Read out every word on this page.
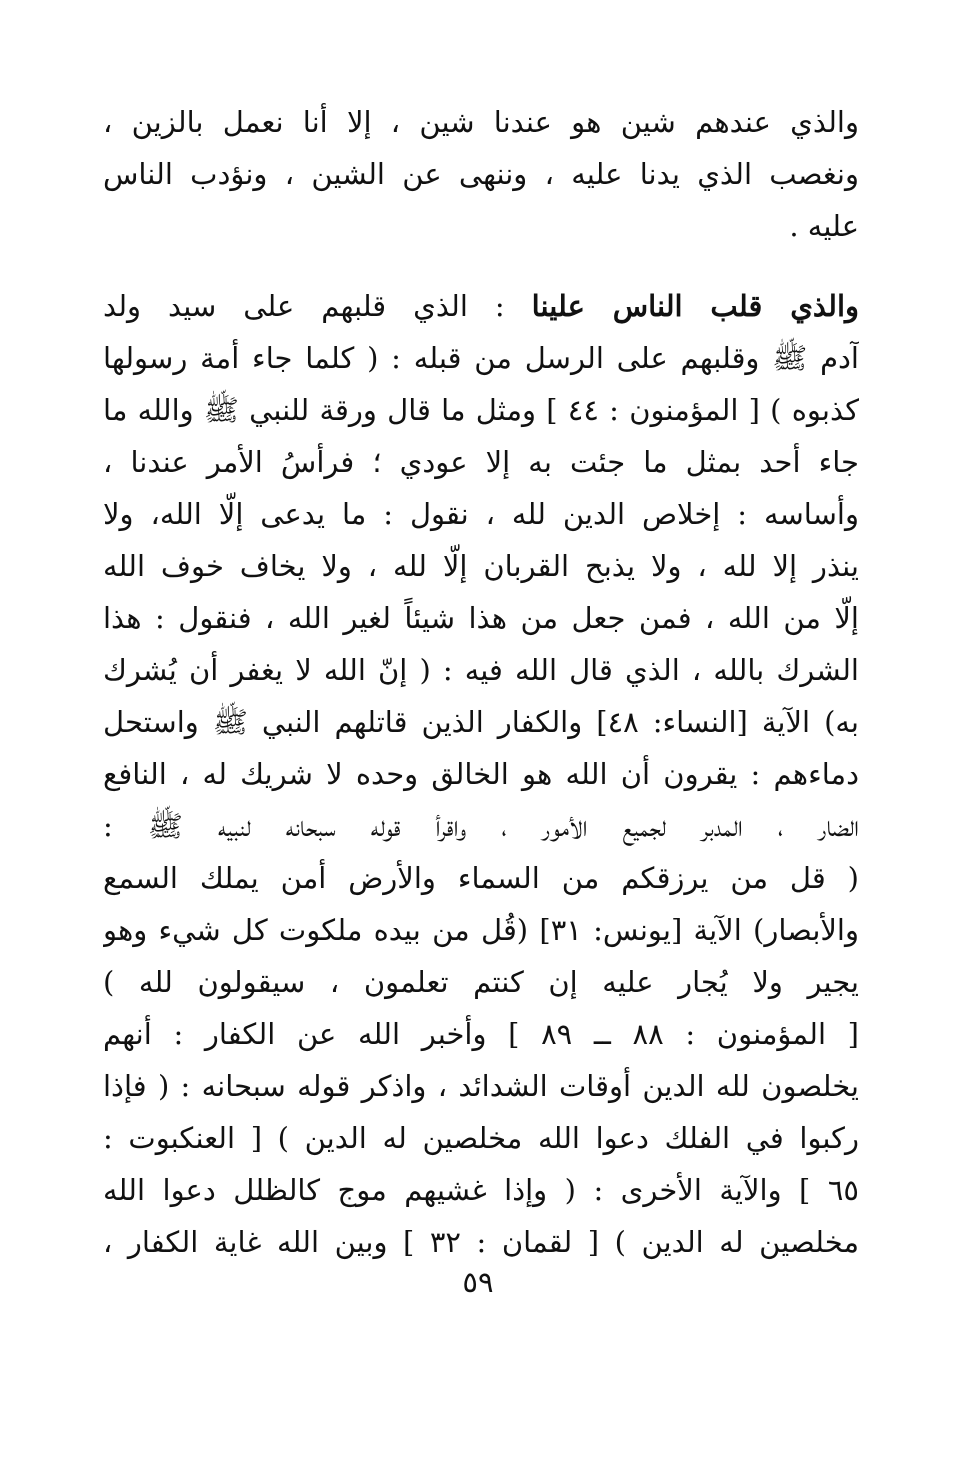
والذي عندهم شين هو عندنا شين ، إلا أنا نعمل بالزين ،
ونغصب الذي يدنا عليه ، وننهى عن الشين ، ونؤدب الناس
عليه .
والذي قلب الناس علينا : الذي قلبهم على سيد ولد
آدم ﷺ وقلبهم على الرسل من قبله : ( كلما جاء أمة رسولها
كذبوه ) [ المؤمنون : ٤٤ ] ومثل ما قال ورقة للنبي ﷺ والله ما
جاء أحد بمثل ما جئت به إلا عودي ؛ فرأسُ الأمر عندنا ،
وأساسه : إخلاص الدين لله ، نقول : ما يدعى إلّا الله، ولا
ينذر إلا لله ، ولا يذبح القربان إلّا لله ، ولا يخاف خوف الله
إلّا من الله ، فمن جعل من هذا شيئاً لغير الله ، فنقول : هذا
الشرك بالله ، الذي قال الله فيه : ( إنّ الله لا يغفر أن يُشرك
به) الآية [النساء: ٤٨] والكفار الذين قاتلهم النبي ﷺ واستحل
دماءهم : يقرون أن الله هو الخالق وحده لا شريك له ، النافع
الضار ، المدبر لجميع الأمور ، واقرأ قوله سبحانه لنبيه ﷺ :
( قل من يرزقكم من السماء والأرض أمن يملك السمع
والأبصار) الآية [يونس: ٣١] (قُل من بيده ملكوت كل شيء وهو
يجير ولا يُجار عليه إن كنتم تعلمون ، سيقولون لله )
[ المؤمنون : ٨٨ ــ ٨٩ ] وأخبر الله عن الكفار : أنهم
يخلصون لله الدين أوقات الشدائد ، واذكر قوله سبحانه : ( فإذا
ركبوا في الفلك دعوا الله مخلصين له الدين ) [ العنكبوت :
٦٥ ] والآية الأخرى : ( وإذا غشيهم موج كالظلل دعوا الله
مخلصين له الدين ) [ لقمان : ٣٢ ] وبين الله غاية الكفار ،
٥٩
